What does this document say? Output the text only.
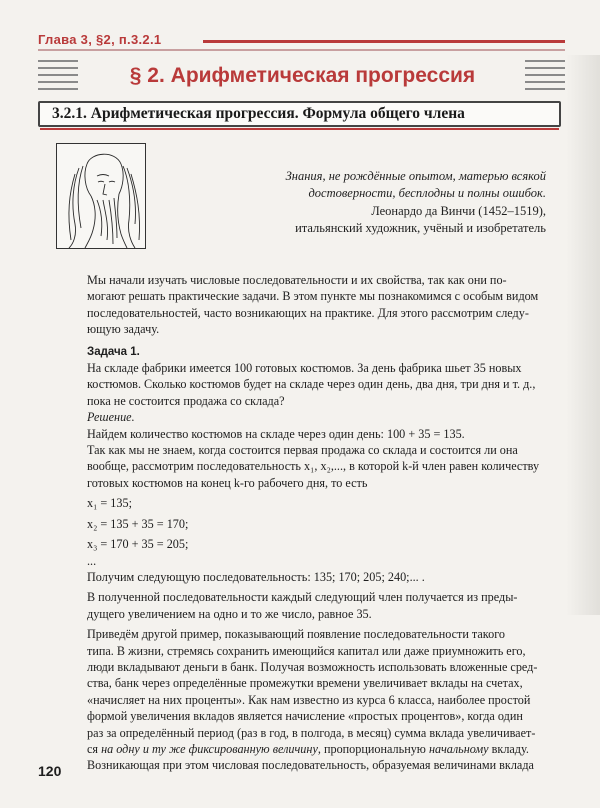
Глава 3, §2, п.3.2.1
§ 2. Арифметическая прогрессия
3.2.1. Арифметическая прогрессия. Формула общего члена
Знания, не рождённые опытом, матерью всякой
достоверности, бесплодны и полны ошибок.
Леонардо да Винчи (1452–1519),
итальянский художник, учёный и изобретатель

Мы начали изучать числовые последовательности и их свойства, так как они по-

могают решать практические задачи. В этом пункте мы познакомимся с особым видом

последовательностей, часто возникающих на практике. Для этого рассмотрим следу-

ющую задачу.

Задача 1.

На складе фабрики имеется 100 готовых костюмов. За день фабрика шьет 35 новых

костюмов. Сколько костюмов будет на складе через один день, два дня, три дня и т. д.,

пока не состоится продажа со склада?

Решение.

Найдем количество костюмов на складе через один день: 100 + 35 = 135.

Так как мы не знаем, когда состоится первая продажа со склада и состоится ли она

вообще, рассмотрим последовательность x₁, x₂,..., в которой k-й член равен количеству

готовых костюмов на конец k-го рабочего дня, то есть

x₁ = 135;

x₂ = 135 + 35 = 170;

x₃ = 170 + 35 = 205;

...

Получим следующую последовательность: 135; 170; 205; 240;... .

В полученной последовательности каждый следующий член получается из преды-

дущего увеличением на одно и то же число, равное 35.

Приведём другой пример, показывающий появление последовательности такого

типа. В жизни, стремясь сохранить имеющийся капитал или даже приумножить его,

люди вкладывают деньги в банк. Получая возможность использовать вложенные сред-

ства, банк через определённые промежутки времени увеличивает вклады на счетах,

«начисляет на них проценты». Как нам известно из курса 6 класса, наиболее простой

формой увеличения вкладов является начисление «простых процентов», когда один

раз за определённый период (раз в год, в полгода, в месяц) сумма вклада увеличивает-

ся на одну и ту же фиксированную величину, пропорциональную начальному вкладу.

Возникающая при этом числовая последовательность, образуемая величинами вклада

120
